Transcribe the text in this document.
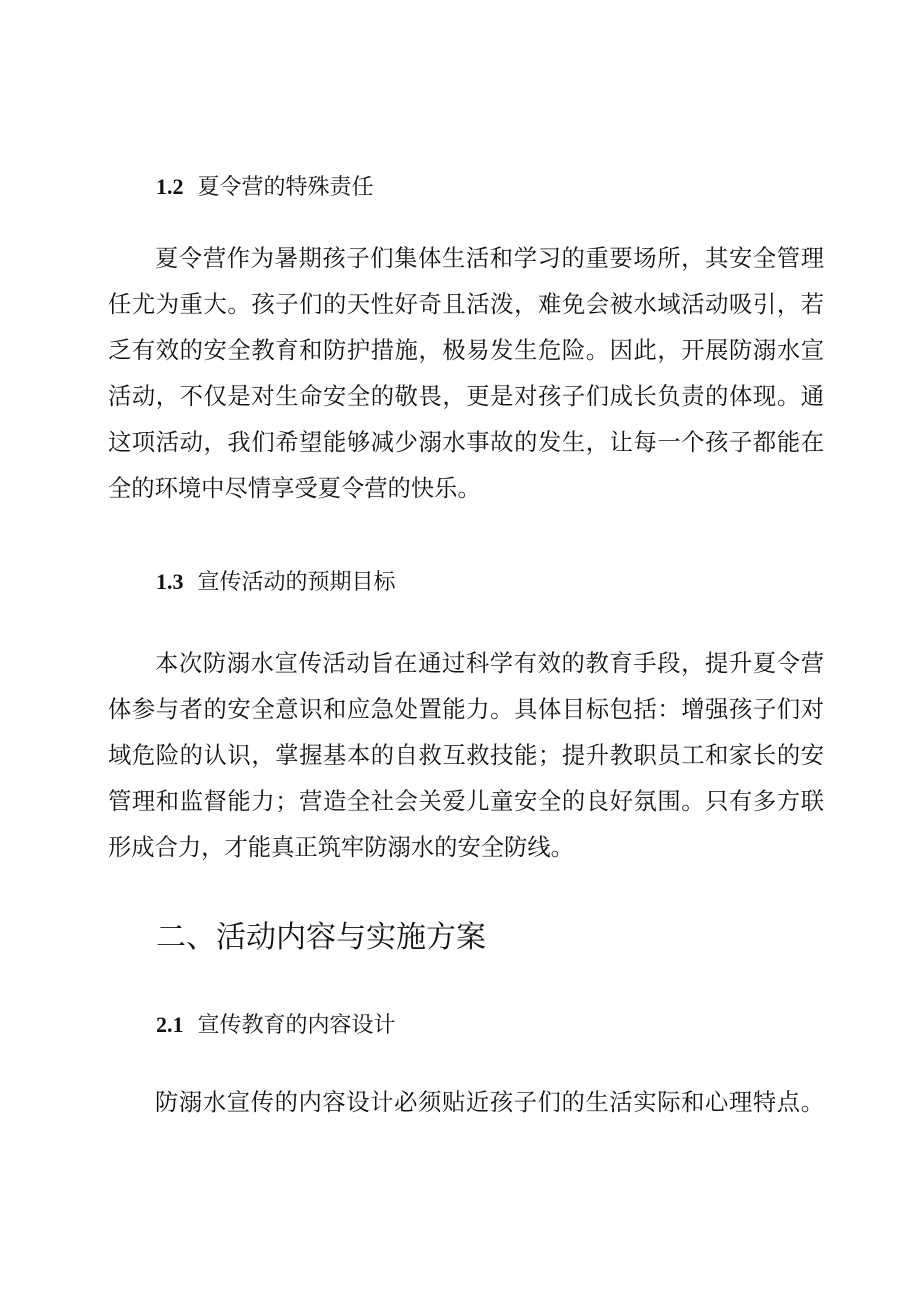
1.2 夏令营的特殊责任
夏令营作为暑期孩子们集体生活和学习的重要场所，其安全管理
任尤为重大。孩子们的天性好奇且活泼，难免会被水域活动吸引，若
乏有效的安全教育和防护措施，极易发生危险。因此，开展防溺水宣
活动，不仅是对生命安全的敬畏，更是对孩子们成长负责的体现。通
这项活动，我们希望能够减少溺水事故的发生，让每一个孩子都能在
全的环境中尽情享受夏令营的快乐。
1.3 宣传活动的预期目标
本次防溺水宣传活动旨在通过科学有效的教育手段，提升夏令营
体参与者的安全意识和应急处置能力。具体目标包括：增强孩子们对
域危险的认识，掌握基本的自救互救技能；提升教职员工和家长的安
管理和监督能力；营造全社会关爱儿童安全的良好氛围。只有多方联
形成合力，才能真正筑牢防溺水的安全防线。
二、活动内容与实施方案
2.1 宣传教育的内容设计
防溺水宣传的内容设计必须贴近孩子们的生活实际和心理特点。
